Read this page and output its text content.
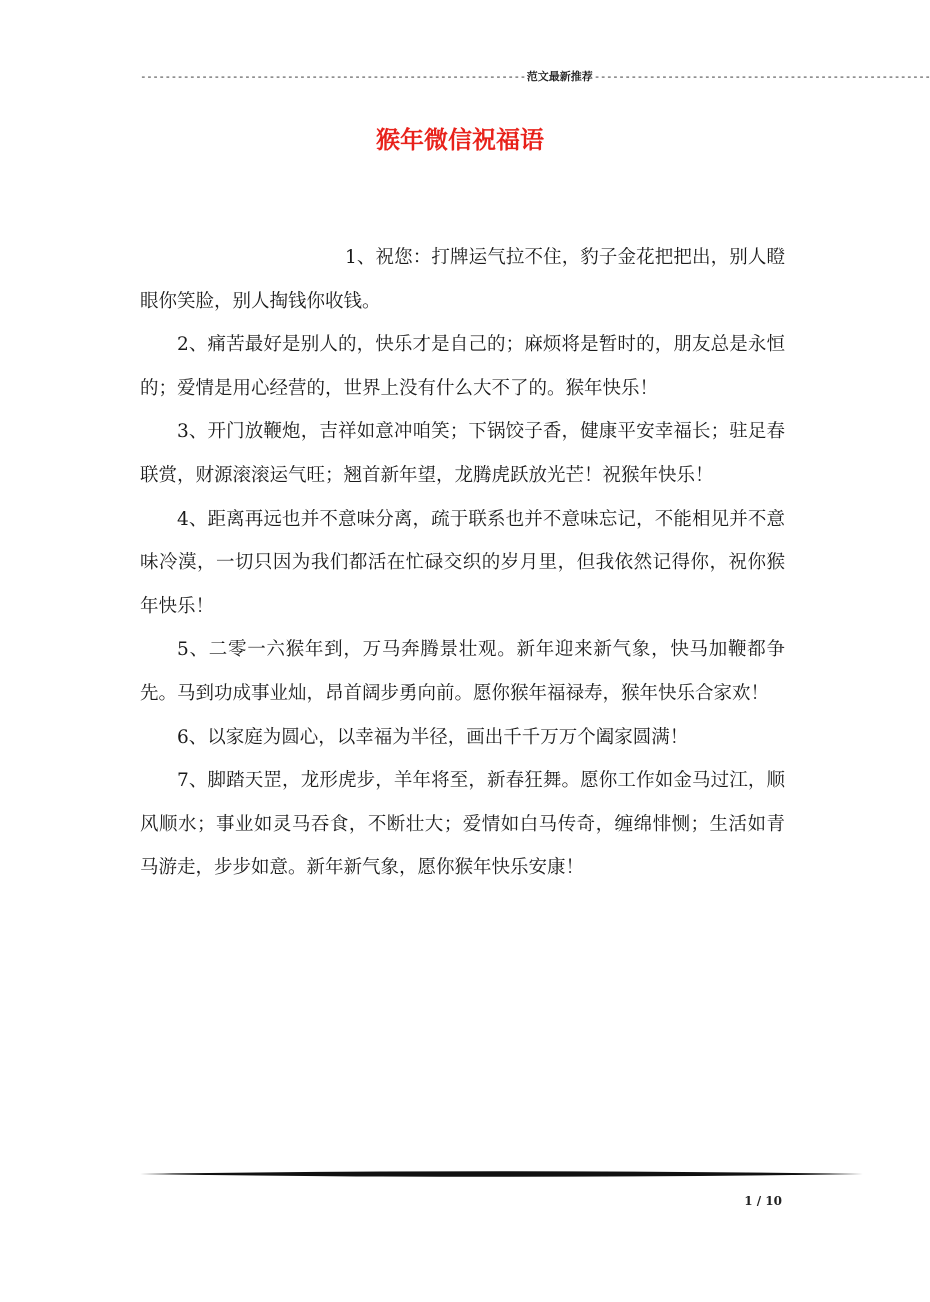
---------------------------------------------------------------范文最新推荐-------------------------------------------------------
猴年微信祝福语

1、祝您：打牌运气拉不住，豹子金花把把出，别人瞪眼你笑脸，别人掏钱你收钱。

2、痛苦最好是别人的，快乐才是自己的；麻烦将是暂时的，朋友总是永恒的；爱情是用心经营的，世界上没有什么大不了的。猴年快乐！

3、开门放鞭炮，吉祥如意冲咱笑；下锅饺子香，健康平安幸福长；驻足春联赏，财源滚滚运气旺；翘首新年望，龙腾虎跃放光芒！祝猴年快乐！

4、距离再远也并不意味分离，疏于联系也并不意味忘记，不能相见并不意味冷漠，一切只因为我们都活在忙碌交织的岁月里，但我依然记得你，祝你猴年快乐！

5、二零一六猴年到，万马奔腾景壮观。新年迎来新气象，快马加鞭都争先。马到功成事业灿，昂首阔步勇向前。愿你猴年福禄寿，猴年快乐合家欢！

6、以家庭为圆心，以幸福为半径，画出千千万万个阖家圆满！

7、脚踏天罡，龙形虎步，羊年将至，新春狂舞。愿你工作如金马过江，顺风顺水；事业如灵马吞食，不断壮大；爱情如白马传奇，缠绵悱恻；生活如青马游走，步步如意。新年新气象，愿你猴年快乐安康！

1 / 10
